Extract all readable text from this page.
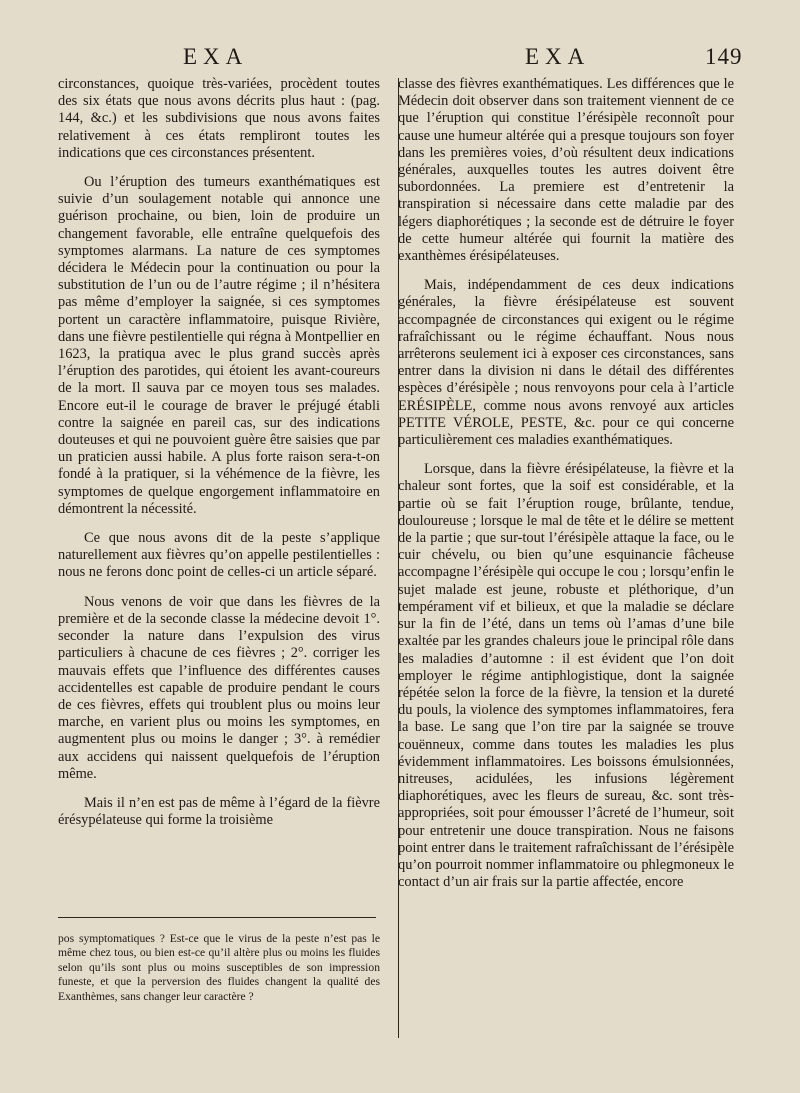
EXA	EXA	149

circonstances, quoique très-variées, procèdent toutes des six états que nous avons décrits plus haut : (pag. 144, &c.) et les subdivisions que nous avons faites relativement à ces états rempliront toutes les indications que ces circonstances présentent.

Ou l’éruption des tumeurs exanthématiques est suivie d’un soulagement notable qui annonce une guérison prochaine, ou bien, loin de produire un changement favorable, elle entraîne quelquefois des symptomes alarmans. La nature de ces symptomes décidera le Médecin pour la continuation ou pour la substitution de l’un ou de l’autre régime ; il n’hésitera pas même d’employer la saignée, si ces symptomes portent un caractère inflammatoire, puisque Rivière, dans une fièvre pestilentielle qui régna à Montpellier en 1623, la pratiqua avec le plus grand succès après l’éruption des parotides, qui étoient les avant-coureurs de la mort. Il sauva par ce moyen tous ses malades. Encore eut-il le courage de braver le préjugé établi contre la saignée en pareil cas, sur des indications douteuses et qui ne pouvoient guère être saisies que par un praticien aussi habile. A plus forte raison sera-t-on fondé à la pratiquer, si la véhémence de la fièvre, les symptomes de quelque engorgement inflammatoire en démontrent la nécessité.

Ce que nous avons dit de la peste s’applique naturellement aux fièvres qu’on appelle pestilentielles : nous ne ferons donc point de celles-ci un article séparé.

Nous venons de voir que dans les fièvres de la première et de la seconde classe la médecine devoit 1°. seconder la nature dans l’expulsion des virus particuliers à chacune de ces fièvres ; 2°. corriger les mauvais effets que l’influence des différentes causes accidentelles est capable de produire pendant le cours de ces fièvres, effets qui troublent plus ou moins leur marche, en varient plus ou moins les symptomes, en augmentent plus ou moins le danger ; 3°. à remédier aux accidens qui naissent quelquefois de l’éruption même.

Mais il n’en est pas de même à l’égard de la fièvre érésypélateuse qui forme la troisième

classe des fièvres exanthématiques. Les différences que le Médecin doit observer dans son traitement viennent de ce que l’éruption qui constitue l’érésipèle reconnoît pour cause une humeur altérée qui a presque toujours son foyer dans les premières voies, d’où résultent deux indications générales, auxquelles toutes les autres doivent être subordonnées. La premiere est d’entretenir la transpiration si nécessaire dans cette maladie par des légers diaphorétiques ; la seconde est de détruire le foyer de cette humeur altérée qui fournit la matière des exanthèmes érésipélateuses.

Mais, indépendamment de ces deux indications générales, la fièvre érésipélateuse est souvent accompagnée de circonstances qui exigent ou le régime rafraîchissant ou le régime échauffant. Nous nous arrêterons seulement ici à exposer ces circonstances, sans entrer dans la division ni dans le détail des différentes espèces d’érésipèle ; nous renvoyons pour cela à l’article ERÉSIPÈLE, comme nous avons renvoyé aux articles PETITE VÉROLE, PESTE, &c. pour ce qui concerne particulièrement ces maladies exanthématiques.

Lorsque, dans la fièvre érésipélateuse, la fièvre et la chaleur sont fortes, que la soif est considérable, et la partie où se fait l’éruption rouge, brûlante, tendue, douloureuse ; lorsque le mal de tête et le délire se mettent de la partie ; que sur-tout l’érésipèle attaque la face, ou le cuir chévelu, ou bien qu’une esquinancie fâcheuse accompagne l’érésipèle qui occupe le cou ; lorsqu’enfin le sujet malade est jeune, robuste et pléthorique, d’un tempérament vif et bilieux, et que la maladie se déclare sur la fin de l’été, dans un tems où l’amas d’une bile exaltée par les grandes chaleurs joue le principal rôle dans les maladies d’automne : il est évident que l’on doit employer le régime antiphlogistique, dont la saignée répétée selon la force de la fièvre, la tension et la dureté du pouls, la violence des symptomes inflammatoires, fera la base. Le sang que l’on tire par la saignée se trouve couënneux, comme dans toutes les maladies les plus évidemment inflammatoires. Les boissons émulsionnées, nitreuses, acidulées, les infusions légèrement diaphorétiques, avec les fleurs de sureau, &c. sont très-appropriées, soit pour émousser l’âcreté de l’humeur, soit pour entretenir une douce transpiration. Nous ne faisons point entrer dans le traitement rafraîchissant de l’érésipèle qu’on pourroit nommer inflammatoire ou phlegmoneux le contact d’un air frais sur la partie affectée, encore

pos symptomatiques ? Est-ce que le virus de la peste n’est pas le même chez tous, ou bien est-ce qu’il altère plus ou moins les fluides selon qu’ils sont plus ou moins susceptibles de son impression funeste, et que la perversion des fluides changent la qualité des Exanthèmes, sans changer leur caractère ?
